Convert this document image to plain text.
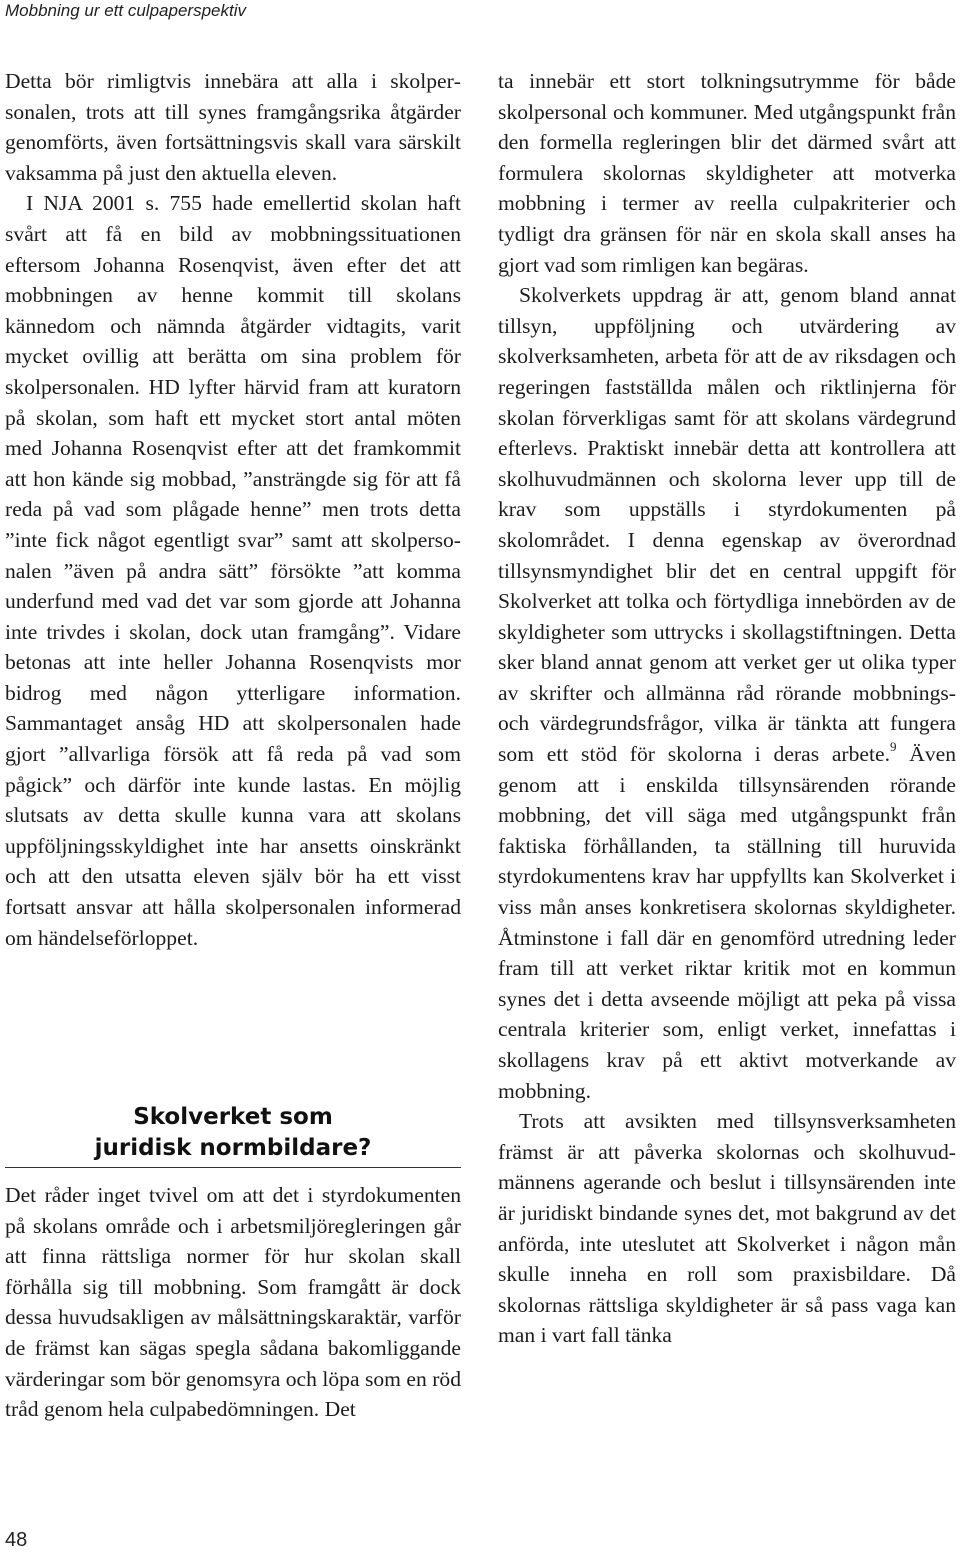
Mobbning ur ett culpaperspektiv

Detta bör rimligtvis innebära att alla i skolpersonalen, trots att till synes framgångsrika åtgärder genomförts, även fortsättningsvis skall vara särskilt vaksamma på just den aktuella eleven.

I NJA 2001 s. 755 hade emellertid skolan haft svårt att få en bild av mobbningssituationen eftersom Johanna Rosenqvist, även efter det att mobbningen av henne kommit till skolans kännedom och nämnda åtgärder vidtagits, varit mycket ovillig att berätta om sina problem för skolpersonalen. HD lyfter härvid fram att kuratorn på skolan, som haft ett mycket stort antal möten med Johanna Rosenqvist efter att det framkommit att hon kände sig mobbad, ”ansträngde sig för att få reda på vad som plågade henne” men trots detta ”inte fick något egentligt svar” samt att skolpersonalen ”även på andra sätt” försökte ”att komma underfund med vad det var som gjorde att Johanna inte trivdes i skolan, dock utan framgång”. Vidare betonas att inte heller Johanna Rosenqvists mor bidrog med någon ytterligare information. Sammantaget ansåg HD att skolpersonalen hade gjort ”allvarliga försök att få reda på vad som pågick” och därför inte kunde lastas. En möjlig slutsats av detta skulle kunna vara att skolans uppföljningsskyldighet inte har ansetts oinskränkt och att den utsatta eleven själv bör ha ett visst fortsatt ansvar att hålla skolpersonalen informerad om händelseförloppet.

Skolverket som
juridisk normbildare?

Det råder inget tvivel om att det i styrdokumenten på skolans område och i arbetsmiljöregleringen går att finna rättsliga normer för hur skolan skall förhålla sig till mobbning. Som framgått är dock dessa huvudsakligen av målsättningskaraktär, varför de främst kan sägas spegla sådana bakomliggande värderingar som bör genomsyra och löpa som en röd tråd genom hela culpabedömningen. Det

ta innebär ett stort tolkningsutrymme för både skolpersonal och kommuner. Med utgångspunkt från den formella regleringen blir det därmed svårt att formulera skolornas skyldigheter att motverka mobbning i termer av reella culpakriterier och tydligt dra gränsen för när en skola skall anses ha gjort vad som rimligen kan begäras.

Skolverkets uppdrag är att, genom bland annat tillsyn, uppföljning och utvärdering av skolverksamheten, arbeta för att de av riksdagen och regeringen fastställda målen och riktlinjerna för skolan förverkligas samt för att skolans värdegrund efterlevs. Praktiskt innebär detta att kontrollera att skolhuvudmännen och skolorna lever upp till de krav som uppställs i styrdokumenten på skolområdet. I denna egenskap av överordnad tillsynsmyndighet blir det en central uppgift för Skolverket att tolka och förtydliga innebörden av de skyldigheter som uttrycks i skollagstiftningen. Detta sker bland annat genom att verket ger ut olika typer av skrifter och allmänna råd rörande mobbnings- och värdegrundsfrågor, vilka är tänkta att fungera som ett stöd för skolorna i deras arbete.$^9$ Även genom att i enskilda tillsynsärenden rörande mobbning, det vill säga med utgångspunkt från faktiska förhållanden, ta ställning till huruvida styrdokumentens krav har uppfyllts kan Skolverket i viss mån anses konkretisera skolornas skyldigheter. Åtminstone i fall där en genomförd utredning leder fram till att verket riktar kritik mot en kommun synes det i detta avseende möjligt att peka på vissa centrala kriterier som, enligt verket, innefattas i skollagens krav på ett aktivt motverkande av mobbning.

Trots att avsikten med tillsynsverksamheten främst är att påverka skolornas och skolhuvudmännens agerande och beslut i tillsynsärenden inte är juridiskt bindande synes det, mot bakgrund av det anförda, inte uteslutet att Skolverket i någon mån skulle inneha en roll som praxisbildare. Då skolornas rättsliga skyldigheter är så pass vaga kan man i vart fall tänka

48
